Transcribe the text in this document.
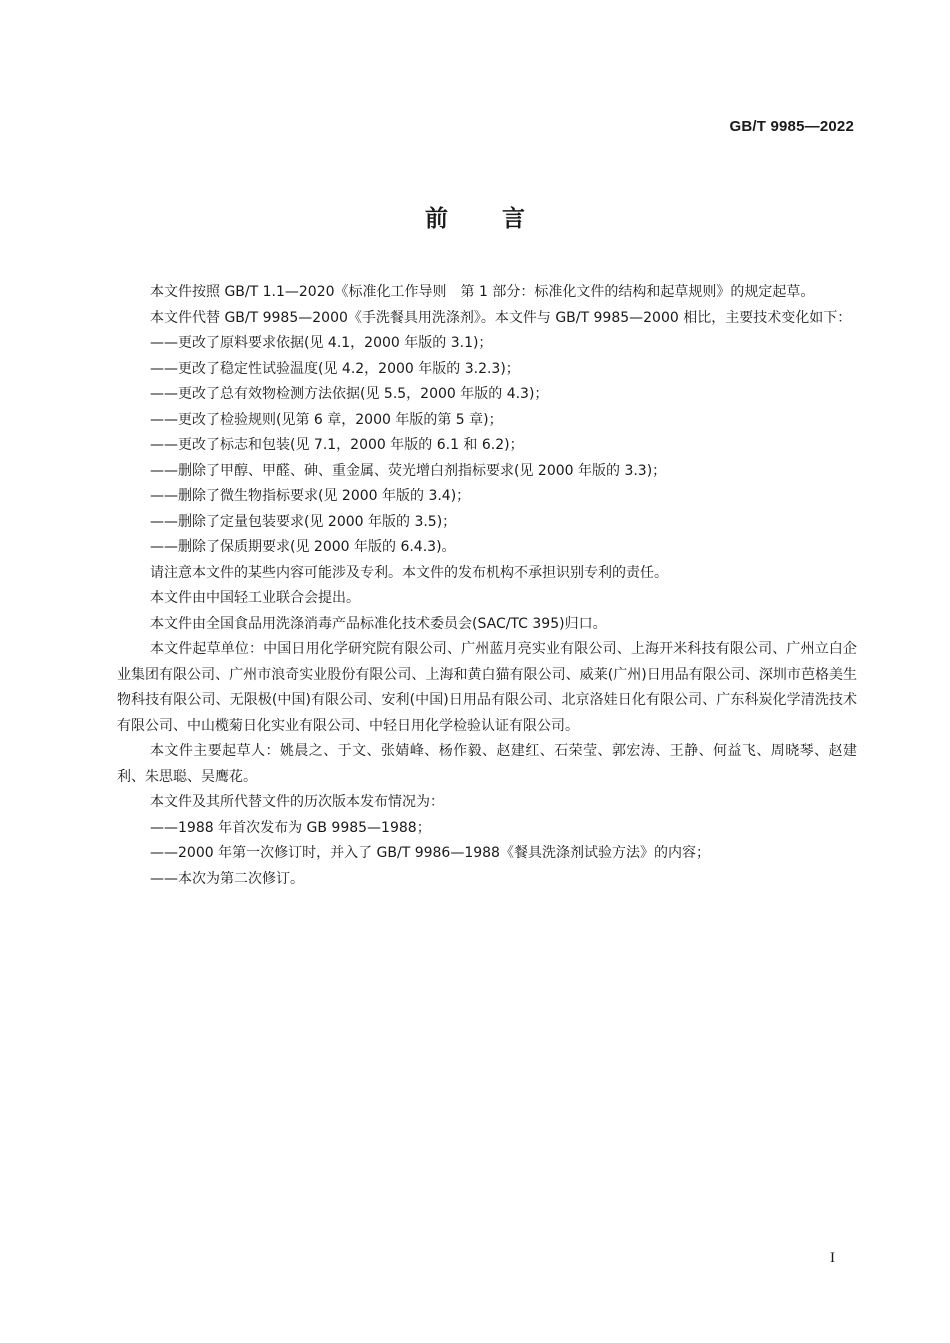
GB/T 9985—2022
前言

本文件按照 GB/T 1.1—2020《标准化工作导则　第 1 部分：标准化文件的结构和起草规则》的规定起草。

本文件代替 GB/T 9985—2000《手洗餐具用洗涤剂》。本文件与 GB/T 9985—2000 相比，主要技术变化如下：

——更改了原料要求依据(见 4.1，2000 年版的 3.1)；

——更改了稳定性试验温度(见 4.2，2000 年版的 3.2.3)；

——更改了总有效物检测方法依据(见 5.5，2000 年版的 4.3)；

——更改了检验规则(见第 6 章，2000 年版的第 5 章)；

——更改了标志和包装(见 7.1，2000 年版的 6.1 和 6.2)；

——删除了甲醇、甲醛、砷、重金属、荧光增白剂指标要求(见 2000 年版的 3.3)；

——删除了微生物指标要求(见 2000 年版的 3.4)；

——删除了定量包装要求(见 2000 年版的 3.5)；

——删除了保质期要求(见 2000 年版的 6.4.3)。

请注意本文件的某些内容可能涉及专利。本文件的发布机构不承担识别专利的责任。

本文件由中国轻工业联合会提出。

本文件由全国食品用洗涤消毒产品标准化技术委员会(SAC/TC 395)归口。

本文件起草单位：中国日用化学研究院有限公司、广州蓝月亮实业有限公司、上海开米科技有限公司、广州立白企业集团有限公司、广州市浪奇实业股份有限公司、上海和黄白猫有限公司、威莱(广州)日用品有限公司、深圳市芭格美生物科技有限公司、无限极(中国)有限公司、安利(中国)日用品有限公司、北京洛娃日化有限公司、广东科炭化学清洗技术有限公司、中山榄菊日化实业有限公司、中轻日用化学检验认证有限公司。

本文件主要起草人：姚晨之、于文、张婧峰、杨作毅、赵建红、石荣莹、郭宏涛、王静、何益飞、周晓琴、赵建利、朱思聪、吴鹰花。

本文件及其所代替文件的历次版本发布情况为：

——1988 年首次发布为 GB 9985—1988；

——2000 年第一次修订时，并入了 GB/T 9986—1988《餐具洗涤剂试验方法》的内容；

——本次为第二次修订。

I
